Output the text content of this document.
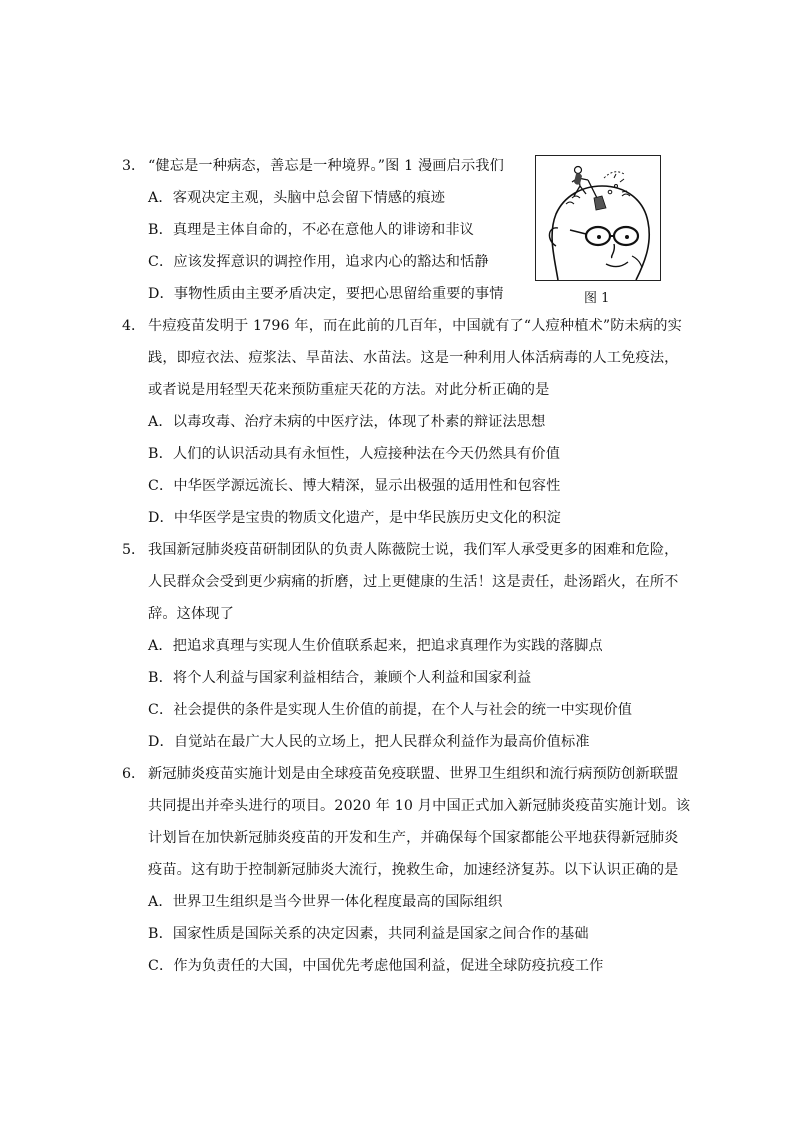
3． “健忘是一种病态，善忘是一种境界。”图 1 漫画启示我们
A．客观决定主观，头脑中总会留下情感的痕迹
B．真理是主体自命的，不必在意他人的诽谤和非议
C．应该发挥意识的调控作用，追求内心的豁达和恬静
D．事物性质由主要矛盾决定，要把心思留给重要的事情	图 1
4． 牛痘疫苗发明于 1796 年，而在此前的几百年，中国就有了“人痘种植术”防未病的实
践，即痘衣法、痘浆法、旱苗法、水苗法。这是一种利用人体活病毒的人工免疫法，
或者说是用轻型天花来预防重症天花的方法。对此分析正确的是
A．以毒攻毒、治疗未病的中医疗法，体现了朴素的辩证法思想
B．人们的认识活动具有永恒性，人痘接种法在今天仍然具有价值
C．中华医学源远流长、博大精深，显示出极强的适用性和包容性
D．中华医学是宝贵的物质文化遗产，是中华民族历史文化的积淀
5． 我国新冠肺炎疫苗研制团队的负责人陈薇院士说，我们军人承受更多的困难和危险，
人民群众会受到更少病痛的折磨，过上更健康的生活！这是责任，赴汤蹈火，在所不
辞。这体现了
A．把追求真理与实现人生价值联系起来，把追求真理作为实践的落脚点
B．将个人利益与国家利益相结合，兼顾个人利益和国家利益
C．社会提供的条件是实现人生价值的前提，在个人与社会的统一中实现价值
D．自觉站在最广大人民的立场上，把人民群众利益作为最高价值标准
6． 新冠肺炎疫苗实施计划是由全球疫苗免疫联盟、世界卫生组织和流行病预防创新联盟
共同提出并牵头进行的项目。2020 年 10 月中国正式加入新冠肺炎疫苗实施计划。该
计划旨在加快新冠肺炎疫苗的开发和生产，并确保每个国家都能公平地获得新冠肺炎
疫苗。这有助于控制新冠肺炎大流行，挽救生命，加速经济复苏。以下认识正确的是
A．世界卫生组织是当今世界一体化程度最高的国际组织
B．国家性质是国际关系的决定因素，共同利益是国家之间合作的基础
C．作为负责任的大国，中国优先考虑他国利益，促进全球防疫抗疫工作
